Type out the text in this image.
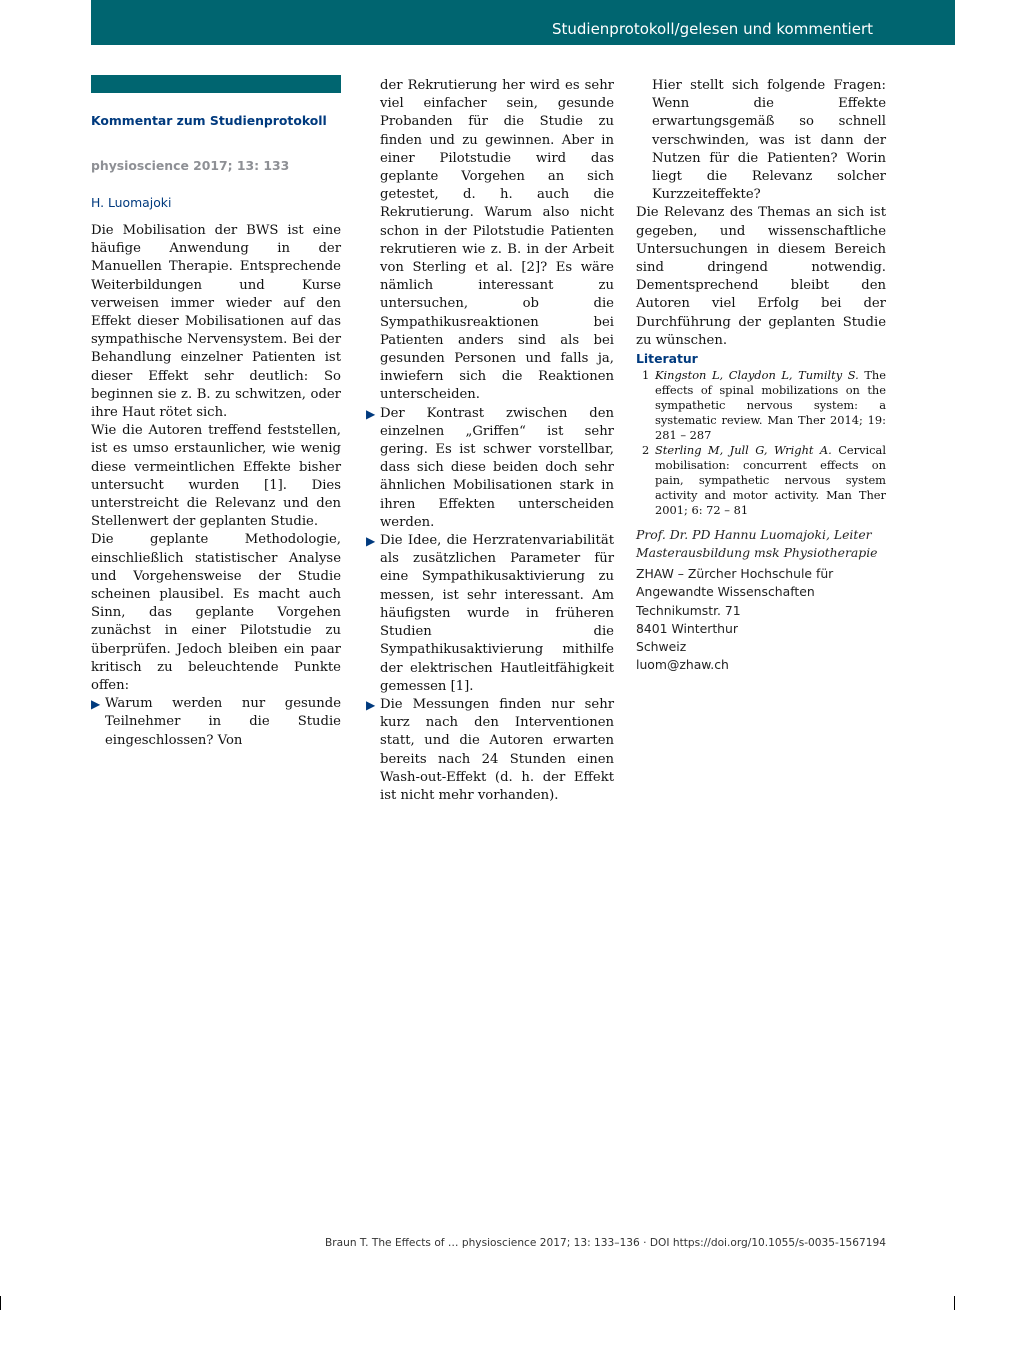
Studienprotokoll/gelesen und kommentiert	133
Kommentar zum Studienprotokoll
physioscience 2017; 13: 133
H. Luomajoki

Die Mobilisation der BWS ist eine häufige Anwendung in der Manuellen Therapie. Entsprechende Weiterbildungen und Kurse verweisen immer wieder auf den Effekt dieser Mobilisationen auf das sympathische Nervensystem. Bei der Behandlung einzelner Patienten ist dieser Effekt sehr deutlich: So beginnen sie z. B. zu schwitzen, oder ihre Haut rötet sich.

Wie die Autoren treffend feststellen, ist es umso erstaunlicher, wie wenig diese vermeintlichen Effekte bisher untersucht wurden [1]. Dies unterstreicht die Relevanz und den Stellenwert der geplanten Studie.

Die geplante Methodologie, einschließlich statistischer Analyse und Vorgehensweise der Studie scheinen plausibel. Es macht auch Sinn, das geplante Vorgehen zunächst in einer Pilotstudie zu überprüfen. Jedoch bleiben ein paar kritisch zu beleuchtende Punkte offen:

▶ Warum werden nur gesunde Teilnehmer in die Studie eingeschlossen? Von

der Rekrutierung her wird es sehr viel einfacher sein, gesunde Probanden für die Studie zu finden und zu gewinnen. Aber in einer Pilotstudie wird das geplante Vorgehen an sich getestet, d. h. auch die Rekrutierung. Warum also nicht schon in der Pilotstudie Patienten rekrutieren wie z. B. in der Arbeit von Sterling et al. [2]? Es wäre nämlich interessant zu untersuchen, ob die Sympathikusreaktionen bei Patienten anders sind als bei gesunden Personen und falls ja, inwiefern sich die Reaktionen unterscheiden.

▶ Der Kontrast zwischen den einzelnen „Griffen“ ist sehr gering. Es ist schwer vorstellbar, dass sich diese beiden doch sehr ähnlichen Mobilisationen stark in ihren Effekten unterscheiden werden.
▶ Die Idee, die Herzratenvariabilität als zusätzlichen Parameter für eine Sympathikusaktivierung zu messen, ist sehr interessant. Am häufigsten wurde in früheren Studien die Sympathikusaktivierung mithilfe der elektrischen Hautleitfähigkeit gemessen [1].
▶ Die Messungen finden nur sehr kurz nach den Interventionen statt, und die Autoren erwarten bereits nach 24 Stunden einen Wash-out-Effekt (d. h. der Effekt ist nicht mehr vorhanden).

Hier stellt sich folgende Fragen: Wenn die Effekte erwartungsgemäß so schnell verschwinden, was ist dann der Nutzen für die Patienten? Worin liegt die Relevanz solcher Kurzzeiteffekte?

Die Relevanz des Themas an sich ist gegeben, und wissenschaftliche Untersuchungen in diesem Bereich sind dringend notwendig. Dementsprechend bleibt den Autoren viel Erfolg bei der Durchführung der geplanten Studie zu wünschen.

Literatur

1 Kingston L, Claydon L, Tumilty S. The effects of spinal mobilizations on the sympathetic nervous system: a systematic review. Man Ther 2014; 19: 281 – 287
2 Sterling M, Jull G, Wright A. Cervical mobilisation: concurrent effects on pain, sympathetic nervous system activity and motor activity. Man Ther 2001; 6: 72 – 81
Prof. Dr. PD Hannu Luomajoki, Leiter Masterausbildung msk Physiotherapie
ZHAW – Zürcher Hochschule für Angewandte Wissenschaften
Technikumstr. 71
8401 Winterthur
Schweiz
luom@zhaw.ch
Braun T. The Effects of … physioscience 2017; 13: 133–136 · DOI https://doi.org/10.1055/s-0035-1567194
